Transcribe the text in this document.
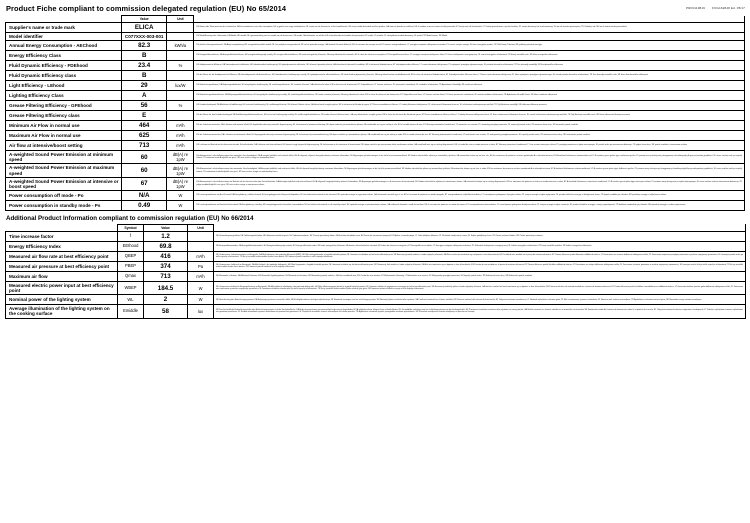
Product Fiche compliant to commission delegated regulation (EU) No 65/2014	PRF0119819 FOG162848 Ed. 05/17
	Value	Unit	
Supplier's name or trade mark	ELICA		DE Name oder Warenzeichen des Lieferanten; DA Leverandørens navn eller varemærke; HU a gyártó neve vagy márkajelzése; NL naam van de leverancier of het handelsmerk; SK názov alebo obchodná značka výrobcu; GA ainm nó branda an soláthraí; ES el nombre o marca comercial del proveedor; ET tarnija nimi või kaubamärk; LT Tiekėjo pavadinimas ir prekės ženklas; PL nazwa dostawcy lub znak towarowy; SL ime ali znamka proizvajalca; TR Tedarikçi adı; SR ime ili robna marka proizvođača
Model identifier	C077XXX-003-001		DE Modellkennung des Lieferanten; DA Model; HU modell; NL typeaanduiding van het model van de leverancier; SK model; GA aitheantóir an mhúlra; ES el identificador del modelo del proveedor; ET mudel; LT modelis; PL identyfikator modelu dostawcy; SL model; TR Model tanımı; SR Model
Annual Energy Consumption - AEChood	82.3	kWh/a	DE jährliche Energieverbrauch; DA Årligt energiforbrug; HU energiafelhasználás modell; NL het jaarlijkse energieverbruik; SK ročná spotreba energie; GA tíomhailt fuinnimh bhlianúil; ES el consumo de energía anual; ET aastane energiatarbimine; LT energijos vartojimo efektyvumo sanaudos; PL roczne zużycie energii; SL letna energijska poraba; TR Yıllık Enerji Tüketimi; SR godišnja potrošnja energije
Energy Efficiency Class	B		DE Energieeffizienzklasse; DA Energieffektivitetsklasse; HU energiahatékonysági osztály; NL energie-efficiëntieklasse; SK trieda energetickej účinnosti; GA rang éifeachtachta fuinnimh; ES la clase de eficiencia energética; ET Energiatõhususe klass; LT energijos vartojimo efektyvumo klasė; PL klasa efektywności energetycznej; SL razred energijske učinkovitosti; TR Enerji verimlilik sınıfı; SR klasa energetske efikasnosti
Fluid Dynamic Efficiency - FDEhood	23.4	%	DE fluiddynamische Effizienz; DA Væskedynamisk effektivitet; HU hidrodinamikai hatékonyság; NL hydrodynamische efficiëntie; SK účinnosť dynamiky tekutín; GA éifeachtacht dinimiciúil sreabháin; ES la eficiencia fluidodinámica; ET hüdrodynüümiline tõhusus; LT srauto dinamino efektyvumas; PL wydajność przepływu dynamicznego; SL pretoka dinamična učinkovitost; TR Sıvı dinamiği verimliliği; SR fluo-dinamička efikasnost
Fluid Dynamic Efficiency class	B		DE die Klasse für die fluiddynamische Effizienz; DA Væskedynamisk effektivitetsklasse; HU hidrodinamikai hatékonysági osztály; NL hydrodynamische efficiëntieklasse; SK triedu fluidnej dynamickej účinnosti; GA rang éifeachtachta sreabhdhinimiciúil; ES la clase de eficiencia fluidodinámica; ET hüdrodynüümilise tõhususe klass; LT klasė srauto dinaminio efektyvumo; PL klasa wydajności przepływu dynamicznego; SL razred pretoka dinamične učinkovitosti; TR Sıvı dinamiği verimlilik sınıfı; SR klasa fluo-dinamičke efikasnosti
Light Efficiency - LEhood	29	lux/W	DE Beleuchtungseffizienz; DA Belysningseffektivitet; HU megvilágítási hatékonyság; NL verlichtingsefficiëntie; SK svetelná účinnosť; GA éifeachtacht solais; ES la eficiencia de iluminación; ET Valgustõhusus; LT šviesos našumas; PL sprawność oświetlenia; SL svetlobna učinkovitost; TR Aydınlatma Verimliliği; SR svetlosna efikasnost
Lighting Efficiency Class	A		DE Beleuchtungseffizienzklasse; DA Belysningseffektivitetsklasse; HU megvilágítási hatékonysági osztály; NL verlichtingsefficiëntieklasse; SK trieda svetelnej účinnosti; GA rang éifeachtacht solais; ES la clase de eficiencia de iluminación; ET Valgustõhususe klass; LT šviesos našumo klasė; PL klasa sprawności oświetlenia; SL razred svetlobne učinkovitosti; TR Aydınlatma Verimlilik Sınıfı; SR klasa svetlosne efikasnosti
Grease Filtering Efficiency - GFEhood	56	%	DE Fettabscheidegrad; DA Effektivitet af fedtfiltrering; HU zsírszűrő hatékonyság; NL vetfilteringefficiëntie; SK účinnosť filtrácie tukov; GA éifeachtacht scagtha gréise; ES la eficiencia de filtrado de grasa; ET Rasva eemaldamise tõhusus; LT riebalų filtravimo efektyvumas; PL skuteczność filtrowania tłuszczu; SL učinkovitost odstranjevanja maščob; TR Yağ filtreleme verimliliği; SR efikasnost filtriranja masnoće
Grease Filtering Efficiency class	E		DE die Klasse für den Fettabscheidegrad; DA Fedtfiltreringseffektivitetsklasse; HU zsírszűrő hatékonysági osztály; NL vetfilteringefficiëntieklasse; SK trieda účinnosti filtrácie tukov; GA rang éifeachtacht scagtha gréise; ES la clase de eficiencia de filtrado de grasa; ET Rasva eemaldamise tõhususe klass; LT riebalų filtravimo efektyvumo klasė; PL klasa skuteczności filtrowania tłuszczu; SL razred učinkovitosti odstranjevanja maščob; TR Yağ filtreleme verimlilik sınıfı; SR klasa efikasnosti filtriranja masnoće
Minimum Air Flow in normal use	464	m³/h	DE der Luftstrom minimaler; DA Luftstrøm ved minimal effekt; HU legalárabb sebesség minimális légmennyiség; NL luchtstroom bij minimum belasting; SK objem vzduchu pri minimálnom výkone; GA sreabhadh aeir ag an setting is ísle; ES el caudal mínimo de aire; ET õhuvoog minimaalsel seadistusel; LT minimalus oro srautas; PL minimalny przepływ powietrza; SL najmanjši pretok zraka; TR minimum hava akışı; SR minimalni protok vazduha
Maximum Air Flow in normal use	625	m³/h	DE der Luftstrom maximaler; DA Luftstrøm ved maksimal effekt; HU legnagyobb sebesség maximum légmennyiség; NL luchtstroom bij maximumbelasting; SK objem vzduchu pri maximálnom výkone; GA sreabhadh aeir ag an setting is airde; ES el caudal máximo de aire; ET õhuvoog maksimaalsel seadistusel; LT maksimalus oro srautas; PL maksymalny przepływ powietrza; SL največji pretok zraka; TR maksimum hava akışı; SR maksimalni protok vazduha
Air flow at intensive/boost setting	713	m³/h	DE Luftstrom im Betrieb auf der Intensivstufe oder Schnellaufstufe; DA Luftstrøm ved intensiv/boost; HU intenzív vagy kiegeszítő légmennyiség; NL luchtstroom in de intensieve of boostsstand; SK objem vzduchu pri intenzívnom alebo zosilnenom režime; GA sreabhadh aeir ag an setting díograiseach; ES el caudal de aire en modo intensivo o turbo; ET õhuvoog intensiivsel seadistusel; LT oro srautas intensyviu režimu; PL przepływ powietrza w trybie intensywnym; SL pretok zraka pri intenzivnem delovanju; TR yoğun hava akışı; SR protok vazduha u intenzivnom režimu
A-weighted Sound Power Emission at minimum speed	60	dB(A) re 1pW	DE A-bewerteten Luftschallemissionen bei minimaler Geschwindigkeit; DA A-vaegtet lydeffekt ved minimal effekt; HU A súlyozott súlyozott hangteljesítmény minimum fokozatban; NL A-gewogen geluidsvermogen in de lucht bij maximumsnelheid; SK hladina akustického výkonu pri minimálnej rýchlosti; GA astaiochtai fuaime ag an luas ísle; ES las emisiones de potencia acústica ponderada A a velocidad mínima; ET A-kaalutud helivoimsus miinimumkiirusel; LT A svertinis garso galios lygis mažiausiu greičiu; PL poziom mocy akustycznej skorygowany charakterystyką A przy minimalnej prędkości; SL raven zvočne moči pri najnižji hitrosti; TR minimum hızda A-ağırlıklı ses gücü; SR nivo zvučne snage na minimalnoj brzini
A-weighted Sound Power Emission at maximum speed	60	dB(A) re 1pW	DE A-bewerteten Luftschallemissionen bei maximaler Geschwindigkeit; DA A-vaegtet lydeffekt ved maksimal effekt; HU A súlyozott hangteljesítmény maximum fokozatban; NL A-gewogen geluidsvermogen in de lucht bij maximumsnelheid; SK hladina akustického výkonu pri maximálnej rýchlosti; GA astaiochtai fuaime ag an luas is airde; ES las emisiones de potencia acústica ponderada A a velocidad máxima; ET A-kaalutud helivoimsus maksimumkiirusel; LT A svertinis garso galios lygis didžiausiu greičiu; PL poziom mocy akustycznej skorygowany charakterystyką A przy maksymalnej prędkości; SL raven zvočne moči pri najvišji hitrosti; TR maksimum hızda A-ağırlıklı ses gücü; SR nivo zvučne snage na maksimalnoj brzini
A-weighted Sound Power Emission at intensive or boost speed	67	dB(A) re 1pW	DE A-bewerteten Luftschallemissionen im Betrieb auf der Intensivstufe oder Schnellaufstufe; DA A-vaegtet lydeffekt ved intensiv/boost; HU A súlyozott hangteljesítmény intenzív fokozatban; NL A-gewogen geluidsvermogen in de intensieve of boostsstand; SK hladina akustického výkonu pri intenzívnom režime; GA astaiochtai fuaime ag an setting díograiseach; ES las emisiones de potencia acústica en modo intensivo o turbo; ET A-kaalutud helivoimsus intensiivsel seadistusel; LT A svertinis garso galios lygis intensyviu režimu; PL poziom mocy akustycznej w trybie intensywnym; SL raven zvočne moči pri intenzivnem delovanju; TR yoğun modda A-ağırlıklı ses gücü; SR nivo zvučne snage u intenzivnom režimu
Power consumption off mode - Po	N/A	W	DE Leistungsaufnahme im Aus-Zustand; DA Energiforbrug i slukket tilstand; HU energiafogyasztás kikapcsolt állapotban; NL het elektriciteitsverbruik in de uit-stand; SK spotreba energie vo vypnutom režime; GA caitheamh fuinnimh agus é as; ES el consumo de potencia en modo apagado; ET energiatarbimine väljalülitatud režiimis; LT suvartojamas galingumas išjungties režimu; PL zużycie energii w trybie wyłączenia; SL poraba električne energije v izklopljenem stanju; TR kapalı moddaki güç tüketimi; SR potrošnja energije u isključenom režimu
Power consumption in standby mode - Ps	0.49	W	DE Leistungsaufnahme im Bereitschaftszustand; DA Energiforbrug i standby; HU energiafogyasztás készenléti üzemmódban; NL het elektriciteitsverbruik in de stand-by-stand; SK spotreba energie v pohotovostnom režime; GA caitheamh fuinnimh i modh fuireachais; ES el consumo de potencia en modo de espera; ET energiatarbimine ooterezhiimis; LT suvartojamas galingumas budejimo režimu; PL zużycie energii w trybie czuwania; SL poraba električne energije v stanju pripravljenosti; TR bekleme modundaki güç tüketimi; SR potrošnja energije u režimu pripravnosti
Additional Product Information compliant to commission regulation (EU) No 66/2014
	Symbol	Value	Unit	
Time increase factor	f	1.2		DE Zeitverlängerungsfaktor; DA Tidsforsøgelsesfaktor; HU időtartam-növelő tényező; NL Tijdstoenamefactor; SK Časový prirastkový faktor; GA Fachtoir méadaithe ama; ES Factor de incremento temporal; ET Ajaline suurendustegur; LT Laiko didėjimo faktorius; PL Wskaźnik zwiększenia czasu; SL Faktor podaljšanja časa; TR Zaman arttırma faktörü; SR Činilac povećanja vremena
Energy Efficiency Index	EEIhood	69.8		DE Energieeffizienzindex; DA Energieffektivitetsindeks; HU Energiahatékonysági mutató; NL Energie-efficiëntie-index; SK Index energetickej účinnosti; GA Innéacs éifeachtulachta fuinnimh; ES Índice de eficiencia energética; ET Energiatõhususe indeks; LT Energijos vartojimo efektyvumo indeksas; PL Wskaźnik efektywności energetycznej; SL Indeks energijske učinkovitosti; TR Enerji verimlilik endeksi; SR Indeks energetske efikasnosti
Measured air flow rate at best efficiency point	QBEP	416	m³/h	DE Gemessener Luftvolumenstrom im Bestpunkt; DA Målt luftstrøm i det optimale driftspunkt (BEP); HU Mért térfogatáramlás a legjobb hatásfok ponton; NL Gemeten luchtdebiet op het beste-efficiëntie-punt; SK Nameraný prietok vzduchu v bode najlepšej účinnosti; GA Ráta sreafa aeir tomhaiste ag an bpointe is fear éifeachtacht; ES Caudal de aire medido en el punto de máxima eficiencia; ET Parima tõhususe punkti õhuvoolu mõõdetud väärtus; LT Išmatuotas oro srautas didžiausio efektyvumo taške; PL Zmierzone natężenie przepływu powietrza w punkcie najwyższej sprawności; SL Izmerjeni pretok zraka pri točki največje učinkovitosti; TR En iyi verimlilik noktasındaki ölçülen hava debisi; SR Izmereni protok vazduha u tački najbolje efikasnosti
Measured air pressure at best efficiency point	PBEP	374	Pa	DE Gemessener Luftdruck im Bestpunkt; DA Målt lufttryk i det optimale driftspunkt; HU Mért légnyomás a legjobb hatásfok ponton; NL Gemeten luchtdruk op het beste-efficiëntie-punt; SK Nameraný tlak vzduchu v bode najlepšej účinnosti; GA Brú aeir tomhaiste ag an bpointe is fear éifeachtacht; ES Presión de aire medida en el punto de máxima eficiencia; ET Parima tõhususe punkti õhurõhu mõõdetud väärtus; LT Išmatuotas oro slėgis didžiausio efektyvumo taške; PL Zmierzone ciśnienie powietrza w punkcie najwyższej sprawności; SL Izmerjeni zračni tlak pri točki največje učinkovitosti; TR En iyi verimlilik noktasındaki ölçülen hava basıncı; SR Izmereni pritisak vazduha u tački najbolje efikasnosti
Maximum air flow	Qmax	713	m³/h	DE Maximaler Luftstrom; DA Maksimal luftstrøm; HU Maximális légtérfogatáram; NL Maximale luchtstroom; SK Maximálny prietok vzduchu; GA Uas-sreabhadh aeir; ES Caudal de aire máximo; ET Maksimaalne õhuvoog; LT Maksimalus oro srautas; PL Maksymalny przepływ powietrza; SL Največji pretok zraka; TR Maksimum hava akışı; SR Maksimalni protok vazduha
Measured electric power input at best efficiency point	WBEP	184.5	W	DE Gemessene elektrische Eingangsleistung im Bestpunkt; DA Målt elektrisk effektoptag i det optimale driftspunkt; HU Mért villamosenergia-bevitel a legjobb hatásfok ponton; NL Gemeten elektrisch opgenomen vermogen op het beste-efficiëntie-punt; SK Nameraný elektrický príkon v bode najlepšej účinnosti; GA Ionchur cumhachta leictri tomhaiste ag an bpointe is fear éifeachtacht; ES Potencia eléctrica de entrada medida en el punto de máxima eficiencia; ET Parima tõhususe punkti elektrilise sisendvõimsuse mõõdetud väärtus; LT Išmatuota elektros įvesties galia didžiausio efektyvumo taške; PL Zmierzona moc wejściowa w punkcie najwyższej sprawności; SL Izmerjena električna vhodna moč pri točki največje učinkovitosti; TR En iyi verimlilik noktasındaki ölçülen elektrik giriş gücü; SR Izmerena ulazna električna snaga u tački najbolje efikasnosti
Nominal power of the lighting system	WL	2	W	DE Nennleistung des Beleuchtungssystems; DA Belysningssystemets nominelle effekt; HU A világítórendszer névleges teljesítménye; NL Nominaal vermogen van het verlichtingssysteem; SK Menovitý výkon osvetlovacieho systému; GA Cumhacht ainmniúil an chórais soilsithe; ES Potencia nominal del sistema de iluminación; ET Valgustussüsteemi nimivõimsus; LT Nominali apšvietimo sistemos galia; PL Moc znamionowa systemu oświetlenia; SL Nazivna moč sistema razsvetljave; TR Aydınlatma sisteminin nominal gücü; SR Nominalna snaga sistema osvetljenja
Average illumination of the lighting system on the cooking surface	Emiddle	58	lux	DE Durchschnittliche Beleuchtungsstärke des Beleuchtungssystems auf der Kochoberfläche; DA Belysningssystemets gennemsnitlige belysning på kogefladen; HU A világítórendszer átlagos fénye a főzőfelületen; NL Gemiddelde verlichting van het verlichtingssysteem op het kookoppervlak; SK Priemerné osvetlenie osvetlovacieho systému na varnej ploche; GA Soilsiú meanach an chórais soilsithe ar an dromchla cócaireachta; ES Iluminación media del sistema de iluminación sobre la superficie de cocción; ET Valgustussüsteemi keskmine valgustatus keedupinnal; LT Vidutinis apšvietimo sistemos apšvietimas ant gaminimo paviršiaus; PL Średnie oświetlenie systemu oświetlenia na powierzchni gotowania; SL Povprečna osvetlitev sistema razsvetljave na kuhalni površini; TR Aydınlatma sisteminin pişirme yüzeyindeki ortalama aydınlatması; SR Prosečna osvetljenost sistema osvetljenja na površini za kuvanje
